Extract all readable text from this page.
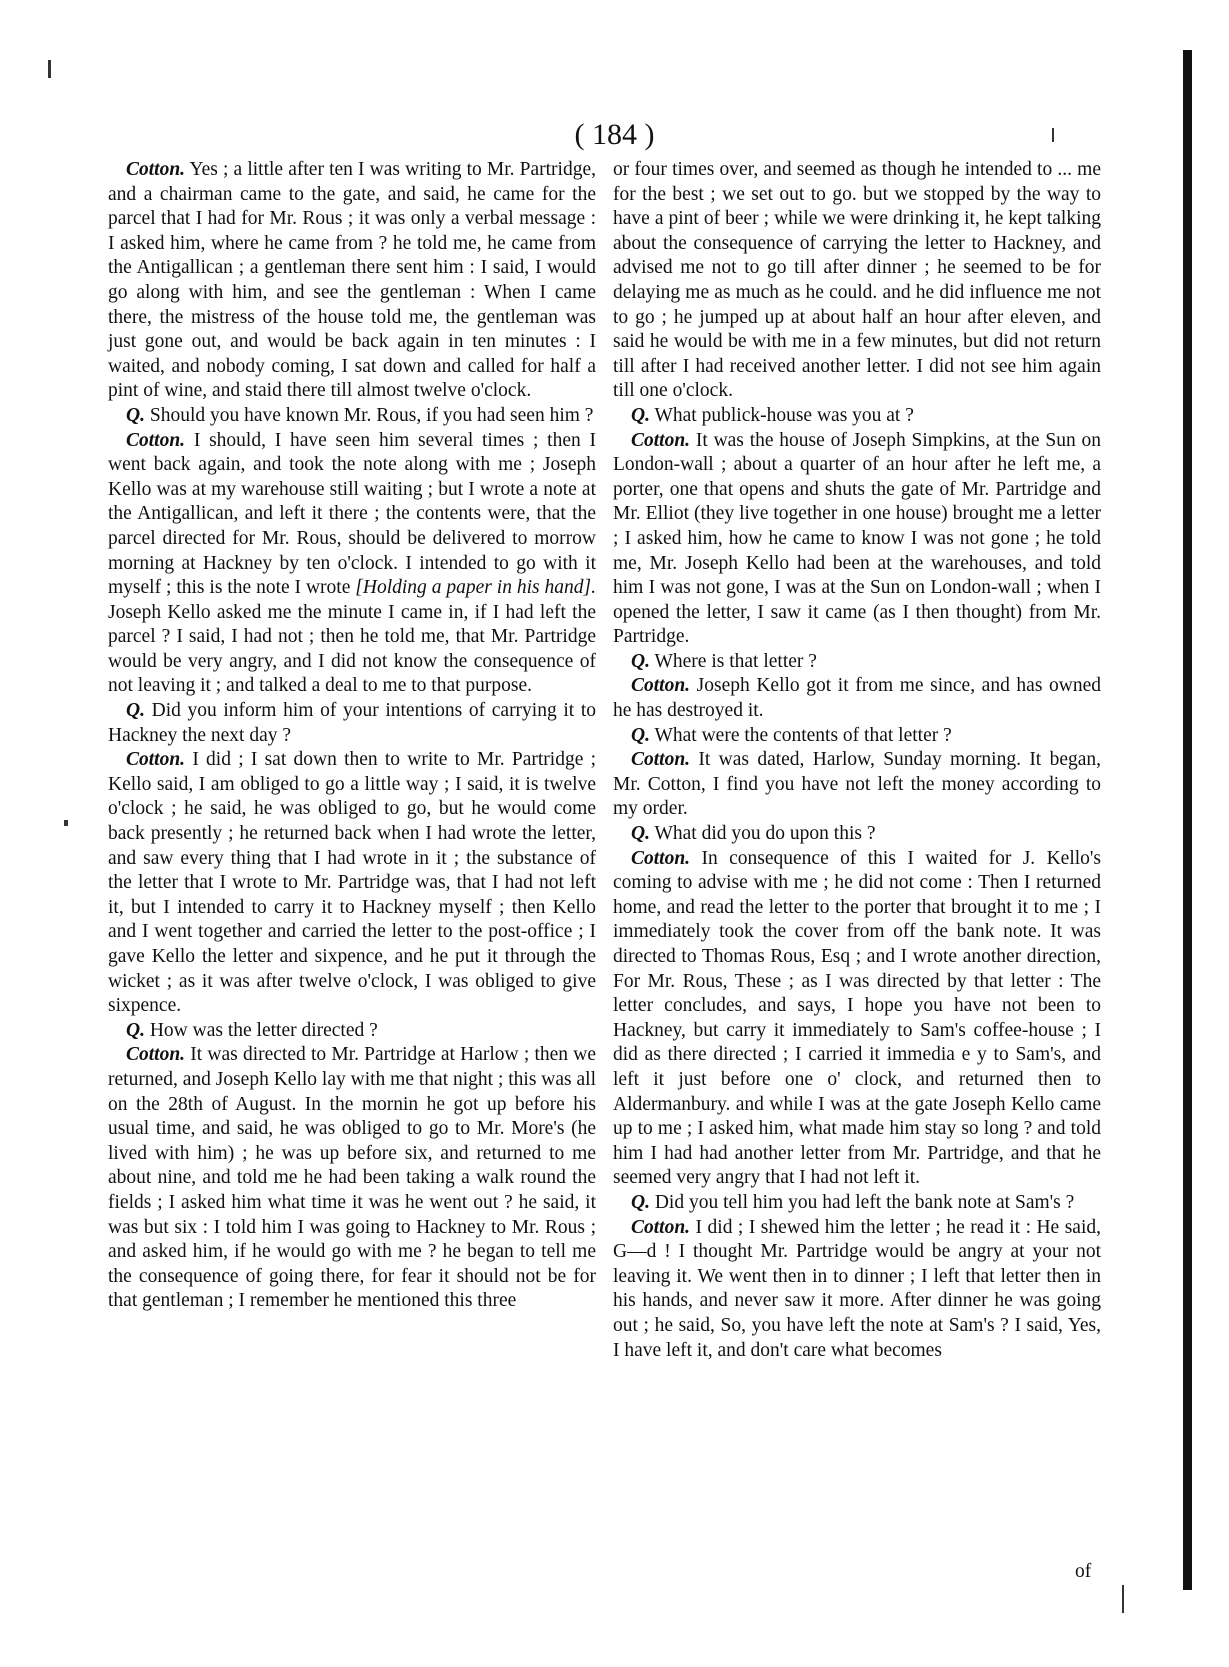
( 184 )

Cotton. Yes ; a little after ten I was writing to Mr. Partridge, and a chairman came to the gate, and said, he came for the parcel that I had for Mr. Rous ; it was only a verbal message : I asked him, where he came from ? he told me, he came from the Antigallican ; a gentleman there sent him : I said, I would go along with him, and see the gentleman : When I came there, the mistress of the house told me, the gentleman was just gone out, and would be back again in ten minutes : I waited, and nobody coming, I sat down and called for half a pint of wine, and staid there till almost twelve o'clock.

Q. Should you have known Mr. Rous, if you had seen him ?

Cotton. I should, I have seen him several times ; then I went back again, and took the note along with me ; Joseph Kello was at my warehouse still waiting ; but I wrote a note at the Antigallican, and left it there ; the contents were, that the parcel directed for Mr. Rous, should be delivered to morrow morning at Hackney by ten o'clock. I intended to go with it myself ; this is the note I wrote [Holding a paper in his hand]. Joseph Kello asked me the minute I came in, if I had left the parcel ? I said, I had not ; then he told me, that Mr. Partridge would be very angry, and I did not know the consequence of not leaving it ; and talked a deal to me to that purpose.

Q. Did you inform him of your intentions of carrying it to Hackney the next day ?

Cotton. I did ; I sat down then to write to Mr. Partridge ; Kello said, I am obliged to go a little way ; I said, it is twelve o'clock ; he said, he was obliged to go, but he would come back presently ; he returned back when I had wrote the letter, and saw every thing that I had wrote in it ; the substance of the letter that I wrote to Mr. Partridge was, that I had not left it, but I intended to carry it to Hackney myself ; then Kello and I went together and carried the letter to the post-office ; I gave Kello the letter and sixpence, and he put it through the wicket ; as it was after twelve o'clock, I was obliged to give sixpence.

Q. How was the letter directed ?

Cotton. It was directed to Mr. Partridge at Harlow ; then we returned, and Joseph Kello lay with me that night ; this was all on the 28th of August. In the mornin he got up before his usual time, and said, he was obliged to go to Mr. More's (he lived with him) ; he was up before six, and returned to me about nine, and told me he had been taking a walk round the fields ; I asked him what time it was he went out ? he said, it was but six : I told him I was going to Hackney to Mr. Rous ; and asked him, if he would go with me ? he began to tell me the consequence of going there, for fear it should not be for that gentleman ; I remember he mentioned this three

or four times over, and seemed as though he intended to ... me for the best ; we set out to go. but we stopped by the way to have a pint of beer ; while we were drinking it, he kept talking about the consequence of carrying the letter to Hackney, and advised me not to go till after dinner ; he seemed to be for delaying me as much as he could. and he did influence me not to go ; he jumped up at about half an hour after eleven, and said he would be with me in a few minutes, but did not return till after I had received another letter. I did not see him again till one o'clock.

Q. What publick-house was you at ?

Cotton. It was the house of Joseph Simpkins, at the Sun on London-wall ; about a quarter of an hour after he left me, a porter, one that opens and shuts the gate of Mr. Partridge and Mr. Elliot (they live together in one house) brought me a letter ; I asked him, how he came to know I was not gone ; he told me, Mr. Joseph Kello had been at the warehouses, and told him I was not gone, I was at the Sun on London-wall ; when I opened the letter, I saw it came (as I then thought) from Mr. Partridge.

Q. Where is that letter ?

Cotton. Joseph Kello got it from me since, and has owned he has destroyed it.

Q. What were the contents of that letter ?

Cotton. It was dated, Harlow, Sunday morning. It began, Mr. Cotton, I find you have not left the money according to my order.

Q. What did you do upon this ?

Cotton. In consequence of this I waited for J. Kello's coming to advise with me ; he did not come : Then I returned home, and read the letter to the porter that brought it to me ; I immediately took the cover from off the bank note. It was directed to Thomas Rous, Esq ; and I wrote another direction, For Mr. Rous, These ; as I was directed by that letter : The letter concludes, and says, I hope you have not been to Hackney, but carry it immediately to Sam's coffee-house ; I did as there directed ; I carried it immedia e y to Sam's, and left it just before one o' clock, and returned then to Aldermanbury. and while I was at the gate Joseph Kello came up to me ; I asked him, what made him stay so long ? and told him I had had another letter from Mr. Partridge, and that he seemed very angry that I had not left it.

Q. Did you tell him you had left the bank note at Sam's ?

Cotton. I did ; I shewed him the letter ; he read it : He said, G—d ! I thought Mr. Partridge would be angry at your not leaving it. We went then in to dinner ; I left that letter then in his hands, and never saw it more. After dinner he was going out ; he said, So, you have left the note at Sam's ? I said, Yes, I have left it, and don't care what becomes

of
